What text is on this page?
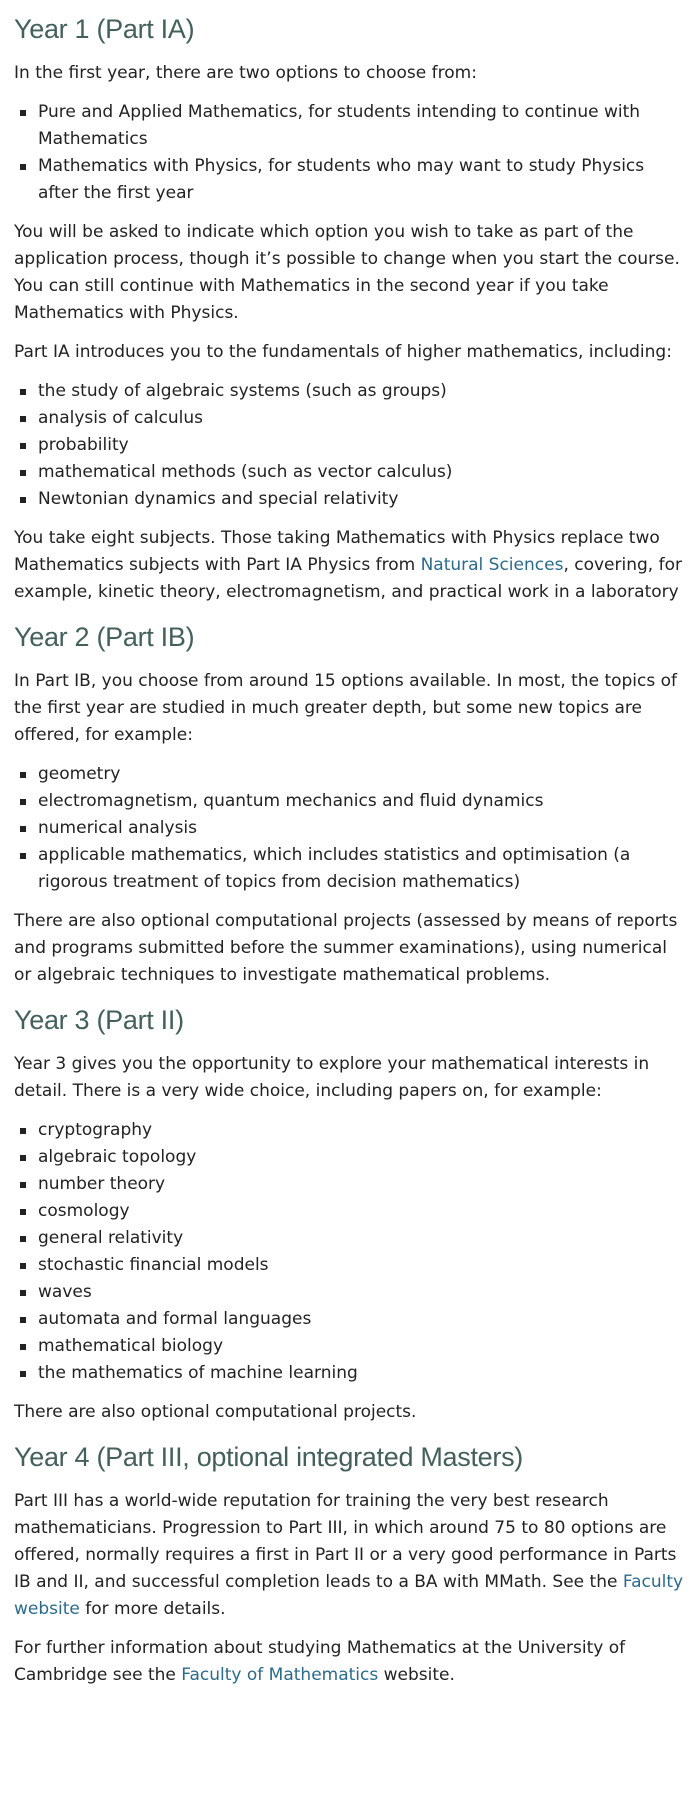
Year 1 (Part IA)

In the first year, there are two options to choose from:

Pure and Applied Mathematics, for students intending to continue with Mathematics
Mathematics with Physics, for students who may want to study Physics after the first year

You will be asked to indicate which option you wish to take as part of the application process, though it’s possible to change when you start the course. You can still continue with Mathematics in the second year if you take Mathematics with Physics.

Part IA introduces you to the fundamentals of higher mathematics, including:

the study of algebraic systems (such as groups)
analysis of calculus
probability
mathematical methods (such as vector calculus)
Newtonian dynamics and special relativity

You take eight subjects. Those taking Mathematics with Physics replace two Mathematics subjects with Part IA Physics from Natural Sciences, covering, for example, kinetic theory, electromagnetism, and practical work in a laboratory

Year 2 (Part IB)

In Part IB, you choose from around 15 options available. In most, the topics of the first year are studied in much greater depth, but some new topics are offered, for example:

geometry
electromagnetism, quantum mechanics and fluid dynamics
numerical analysis
applicable mathematics, which includes statistics and optimisation (a rigorous treatment of topics from decision mathematics)

There are also optional computational projects (assessed by means of reports and programs submitted before the summer examinations), using numerical or algebraic techniques to investigate mathematical problems.

Year 3 (Part II)

Year 3 gives you the opportunity to explore your mathematical interests in detail. There is a very wide choice, including papers on, for example:

cryptography
algebraic topology
number theory
cosmology
general relativity
stochastic financial models
waves
automata and formal languages
mathematical biology
the mathematics of machine learning

There are also optional computational projects.

Year 4 (Part III, optional integrated Masters)

Part III has a world-wide reputation for training the very best research mathematicians. Progression to Part III, in which around 75 to 80 options are offered, normally requires a first in Part II or a very good performance in Parts IB and II, and successful completion leads to a BA with MMath. See the Faculty website for more details.

For further information about studying Mathematics at the University of Cambridge see the Faculty of Mathematics website.
